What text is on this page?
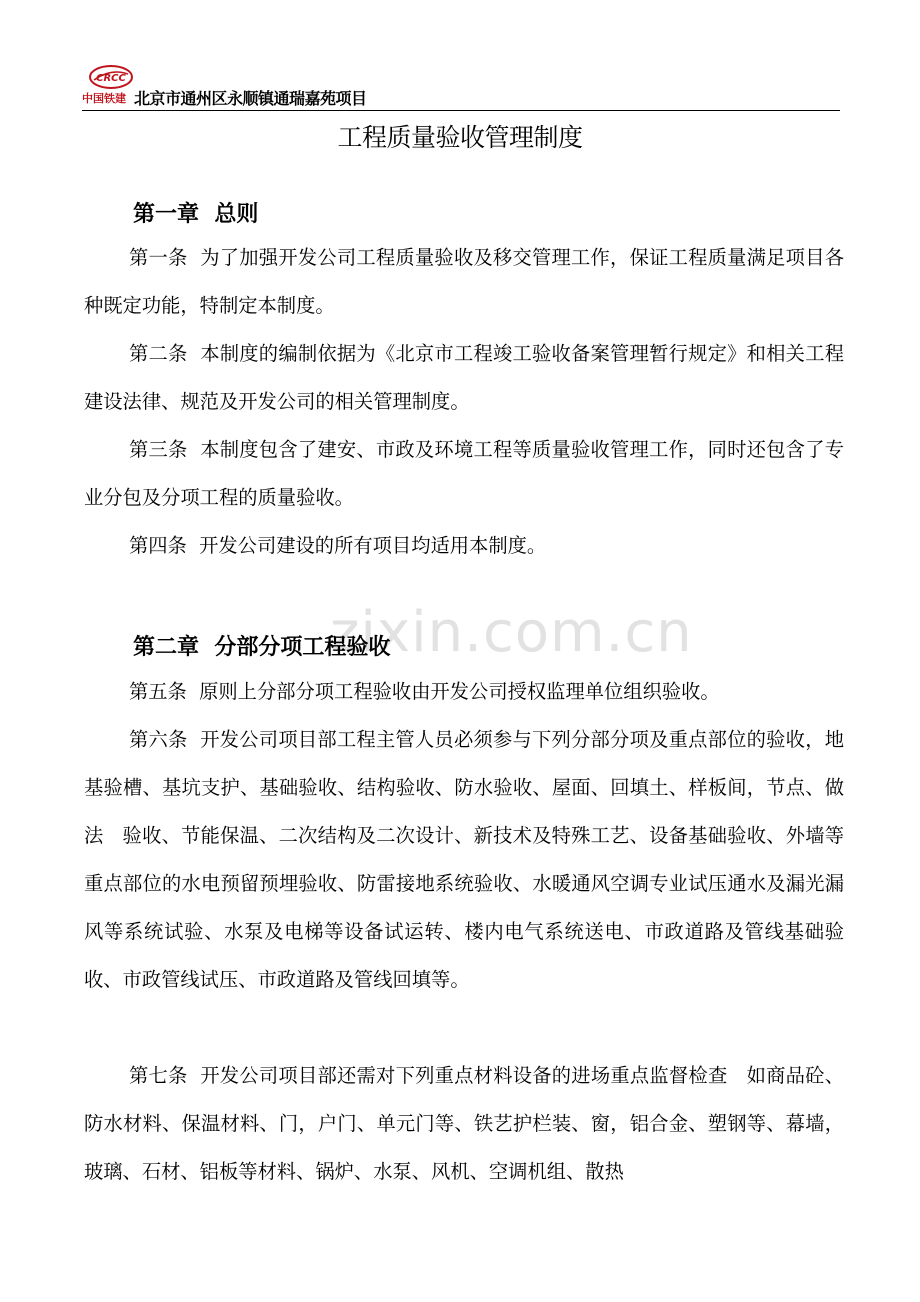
CRCC
中国铁建 北京市通州区永顺镇通瑞嘉苑项目
工程质量验收管理制度
第一章  总则
第一条  为了加强开发公司工程质量验收及移交管理工作，保证工程质量满足项目各种既定功能，特制定本制度。
第二条  本制度的编制依据为《北京市工程竣工验收备案管理暂行规定》和相关工程建设法律、规范及开发公司的相关管理制度。
第三条  本制度包含了建安、市政及环境工程等质量验收管理工作，同时还包含了专业分包及分项工程的质量验收。
第四条  开发公司建设的所有项目均适用本制度。
zixin.com.cn
第二章  分部分项工程验收
第五条  原则上分部分项工程验收由开发公司授权监理单位组织验收。
第六条  开发公司项目部工程主管人员必须参与下列分部分项及重点部位的验收，地基验槽、基坑支护、基础验收、结构验收、防水验收、屋面、回填土、样板间，节点、做法   验收、节能保温、二次结构及二次设计、新技术及特殊工艺、设备基础验收、外墙等重点部位的水电预留预埋验收、防雷接地系统验收、水暖通风空调专业试压通水及漏光漏风等系统试验、水泵及电梯等设备试运转、楼内电气系统送电、市政道路及管线基础验收、市政管线试压、市政道路及管线回填等。
第七条  开发公司项目部还需对下列重点材料设备的进场重点监督检查   如商品砼、防水材料、保温材料、门，户门、单元门等、铁艺护栏装、窗，铝合金、塑钢等、幕墙，玻璃、石材、铝板等材料、锅炉、水泵、风机、空调机组、散热
